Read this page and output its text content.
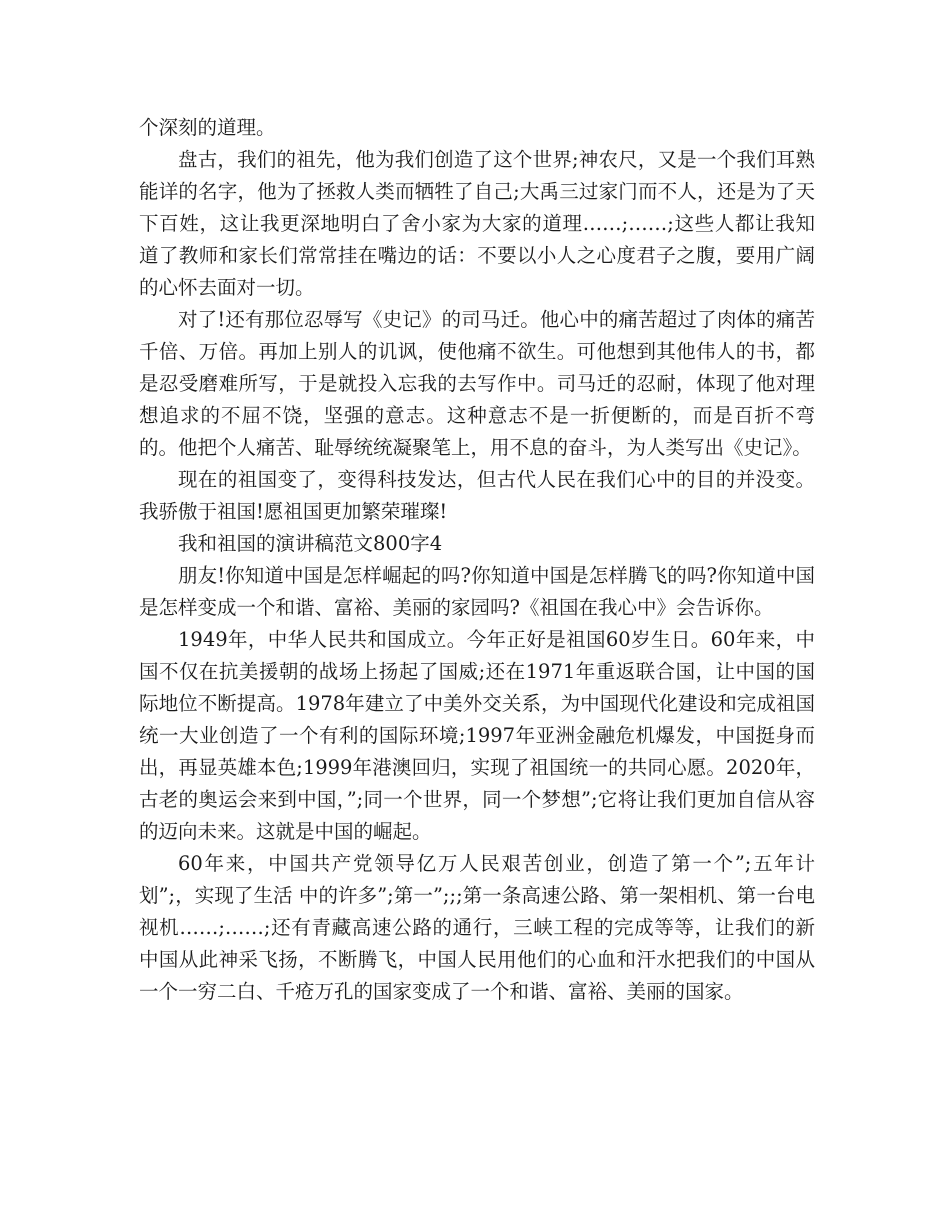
个深刻的道理。

盘古，我们的祖先，他为我们创造了这个世界;神农尺，又是一个我们耳熟能详的名字，他为了拯救人类而牺牲了自己;大禹三过家门而不人，还是为了天下百姓，这让我更深地明白了舍小家为大家的道理……;……;这些人都让我知道了教师和家长们常常挂在嘴边的话：不要以小人之心度君子之腹，要用广阔的心怀去面对一切。

对了!还有那位忍辱写《史记》的司马迁。他心中的痛苦超过了肉体的痛苦千倍、万倍。再加上别人的讥讽，使他痛不欲生。可他想到其他伟人的书，都是忍受磨难所写，于是就投入忘我的去写作中。司马迁的忍耐，体现了他对理想追求的不屈不饶，坚强的意志。这种意志不是一折便断的，而是百折不弯的。他把个人痛苦、耻辱统统凝聚笔上，用不息的奋斗，为人类写出《史记》。

现在的祖国变了，变得科技发达，但古代人民在我们心中的目的并没变。我骄傲于祖国!愿祖国更加繁荣璀璨!

我和祖国的演讲稿范文800字4

朋友!你知道中国是怎样崛起的吗?你知道中国是怎样腾飞的吗?你知道中国是怎样变成一个和谐、富裕、美丽的家园吗?《祖国在我心中》会告诉你。

1949年，中华人民共和国成立。今年正好是祖国60岁生日。60年来，中国不仅在抗美援朝的战场上扬起了国威;还在1971年重返联合国，让中国的国际地位不断提高。1978年建立了中美外交关系，为中国现代化建设和完成祖国统一大业创造了一个有利的国际环境;1997年亚洲金融危机爆发，中国挺身而出，再显英雄本色;1999年港澳回归，实现了祖国统一的共同心愿。2020年，古老的奥运会来到中国，”;同一个世界，同一个梦想”;它将让我们更加自信从容的迈向未来。这就是中国的崛起。

60年来，中国共产党领导亿万人民艰苦创业，创造了第一个”;五年计划”;，实现了生活 中的许多”;第一”;;;第一条高速公路、第一架相机、第一台电视机……;……;还有青藏高速公路的通行，三峡工程的完成等等，让我们的新中国从此神采飞扬，不断腾飞，中国人民用他们的心血和汗水把我们的中国从一个一穷二白、千疮万孔的国家变成了一个和谐、富裕、美丽的国家。
